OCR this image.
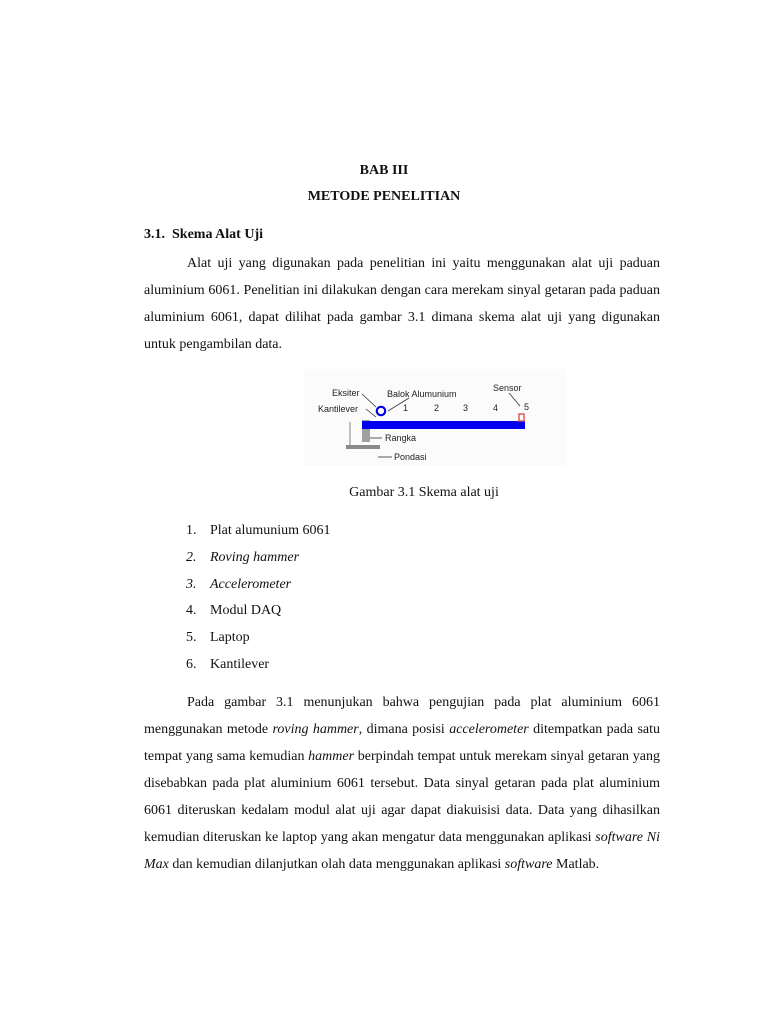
BAB III
METODE PENELITIAN
3.1. Skema Alat Uji

Alat uji yang digunakan pada penelitian ini yaitu menggunakan alat uji paduan aluminium 6061. Penelitian ini dilakukan dengan cara merekam sinyal getaran pada paduan aluminium 6061, dapat dilihat pada gambar 3.1 dimana skema alat uji yang digunakan untuk pengambilan data.

Eksiter
Kantilever
Balok Alumunium
Sensor
Rangka
Pondasi
1	2	3	4	5
Gambar 3.1 Skema alat uji
1. Plat alumunium 6061
2. Roving hammer
3. Accelerometer
4. Modul DAQ
5. Laptop
6. Kantilever

Pada gambar 3.1 menunjukan bahwa pengujian pada plat aluminium 6061 menggunakan metode roving hammer, dimana posisi accelerometer ditempatkan pada satu tempat yang sama kemudian hammer berpindah tempat untuk merekam sinyal getaran yang disebabkan pada plat aluminium 6061 tersebut. Data sinyal getaran pada plat aluminium 6061 diteruskan kedalam modul alat uji agar dapat diakuisisi data. Data yang dihasilkan kemudian diteruskan ke laptop yang akan mengatur data menggunakan aplikasi software Ni Max dan kemudian dilanjutkan olah data menggunakan aplikasi software Matlab.
